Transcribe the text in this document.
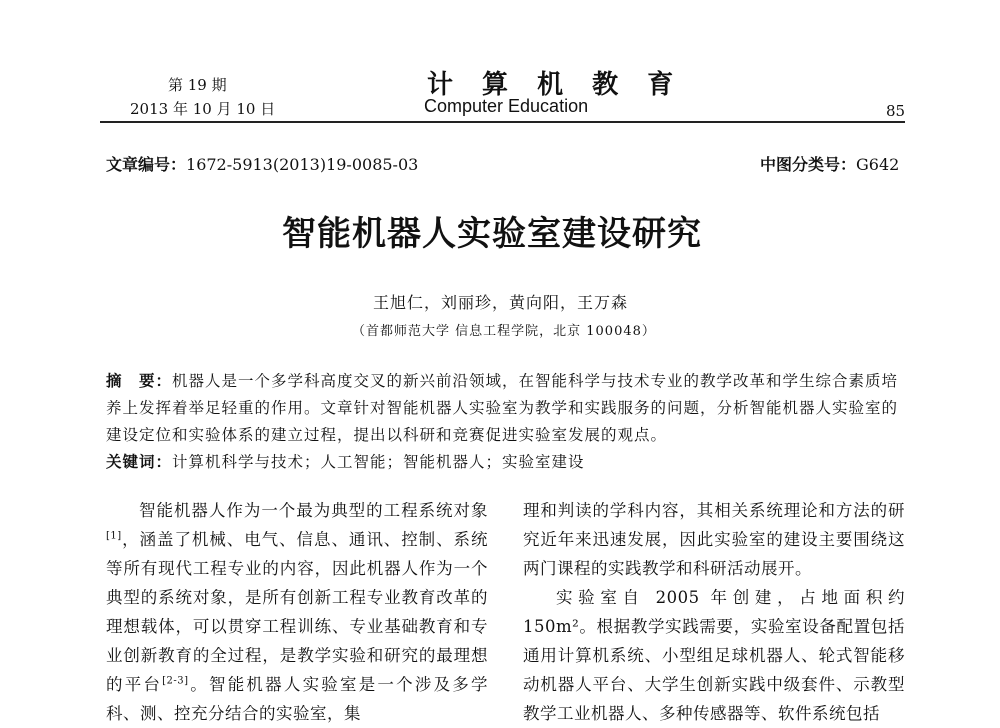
第 19 期
2013 年 10 月 10 日
计 算 机 教 育
Computer Education	85
文章编号：1672-5913(2013)19-0085-03	中图分类号：G642
智能机器人实验室建设研究
王旭仁，刘丽珍，黄向阳，王万森
（首都师范大学 信息工程学院，北京 100048）
摘　要：机器人是一个多学科高度交叉的新兴前沿领域，在智能科学与技术专业的教学改革和学生综合素质培养上发挥着举足轻重的作用。文章针对智能机器人实验室为教学和实践服务的问题，分析智能机器人实验室的建设定位和实验体系的建立过程，提出以科研和竞赛促进实验室发展的观点。
关键词：计算机科学与技术；人工智能；智能机器人；实验室建设

智能机器人作为一个最为典型的工程系统对象[1]，涵盖了机械、电气、信息、通讯、控制、系统等所有现代工程专业的内容，因此机器人作为一个典型的系统对象，是所有创新工程专业教育改革的理想载体，可以贯穿工程训练、专业基础教育和专业创新教育的全过程，是教学实验和研究的最理想的平台[2-3]。智能机器人实验室是一个涉及多学科、测、控充分结合的实验室，集

理和判读的学科内容，其相关系统理论和方法的研究近年来迅速发展，因此实验室的建设主要围绕这两门课程的实践教学和科研活动展开。

实验室自 2005 年创建，占地面积约 150m²。根据教学实践需要，实验室设备配置包括通用计算机系统、小型组足球机器人、轮式智能移动机器人平台、大学生创新实践中级套件、示教型教学工业机器人、多种传感器等、软件系统包括
